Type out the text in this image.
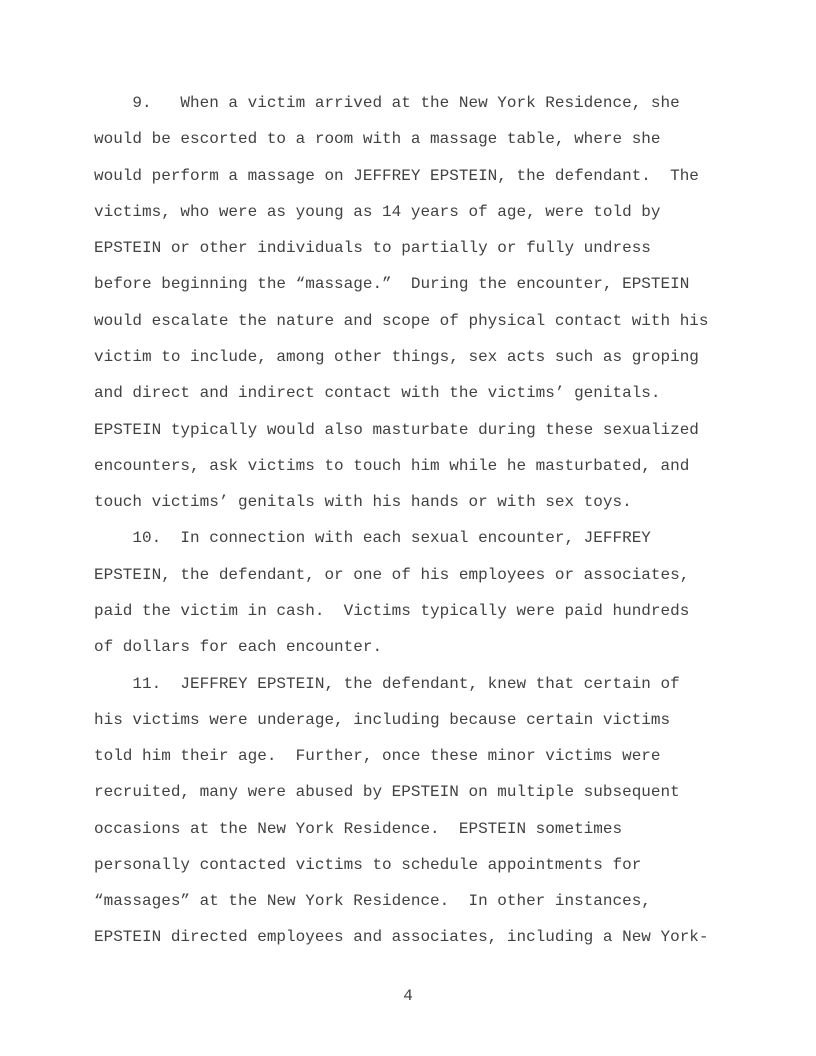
9.   When a victim arrived at the New York Residence, she
would be escorted to a room with a massage table, where she
would perform a massage on JEFFREY EPSTEIN, the defendant.  The
victims, who were as young as 14 years of age, were told by
EPSTEIN or other individuals to partially or fully undress
before beginning the “massage.”  During the encounter, EPSTEIN
would escalate the nature and scope of physical contact with his
victim to include, among other things, sex acts such as groping
and direct and indirect contact with the victims’ genitals.
EPSTEIN typically would also masturbate during these sexualized
encounters, ask victims to touch him while he masturbated, and
touch victims’ genitals with his hands or with sex toys.
10.  In connection with each sexual encounter, JEFFREY
EPSTEIN, the defendant, or one of his employees or associates,
paid the victim in cash.  Victims typically were paid hundreds
of dollars for each encounter.
11.  JEFFREY EPSTEIN, the defendant, knew that certain of
his victims were underage, including because certain victims
told him their age.  Further, once these minor victims were
recruited, many were abused by EPSTEIN on multiple subsequent
occasions at the New York Residence.  EPSTEIN sometimes
personally contacted victims to schedule appointments for
“massages” at the New York Residence.  In other instances,
EPSTEIN directed employees and associates, including a New York-
4
